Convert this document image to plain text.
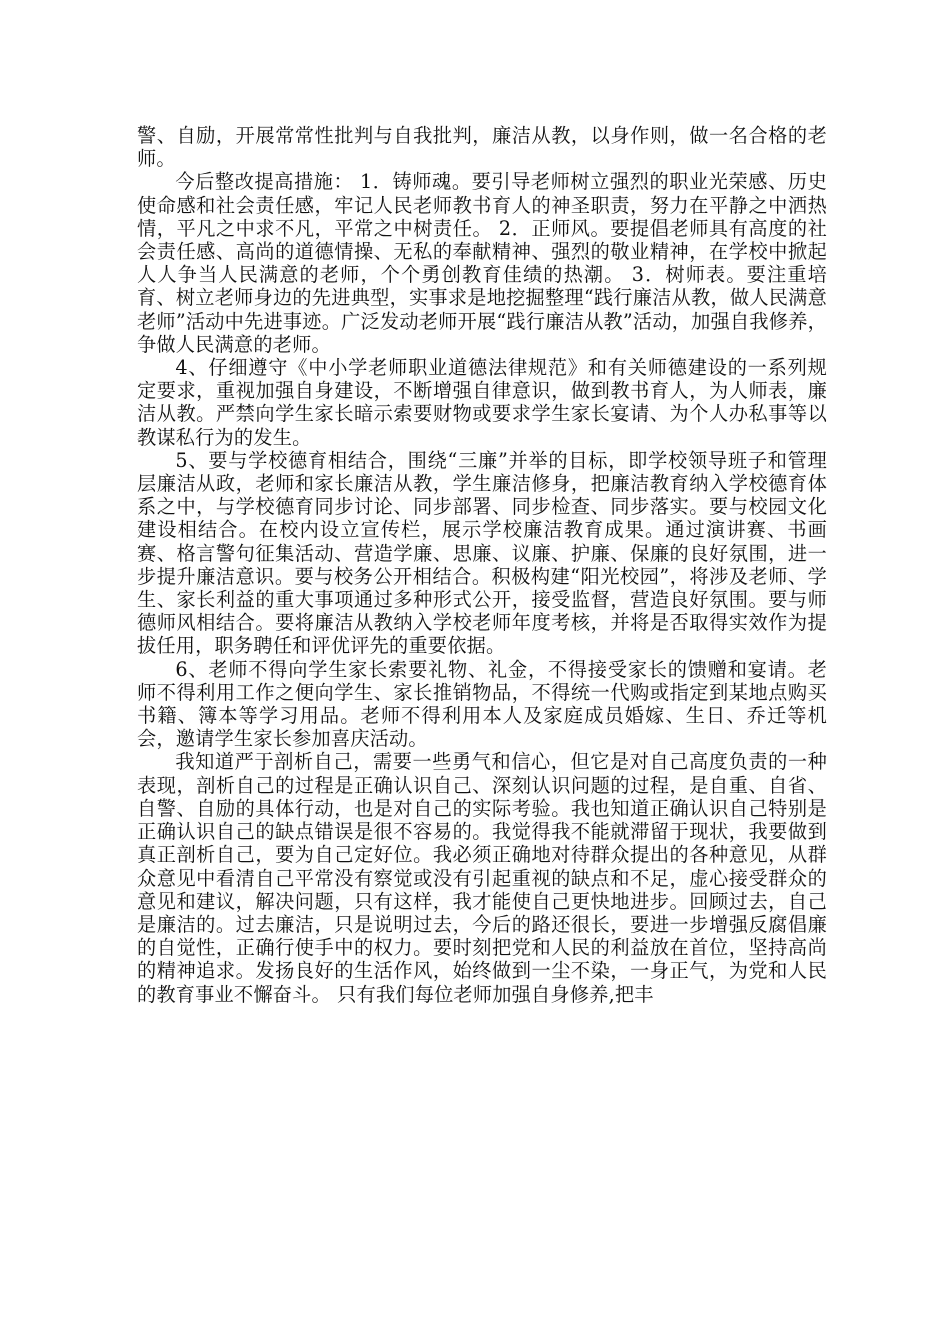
警、自励，开展常常性批判与自我批判，廉洁从教，以身作则，做一名合格的老师。

今后整改提高措施： 1．铸师魂。要引导老师树立强烈的职业光荣感、历史使命感和社会责任感，牢记人民老师教书育人的神圣职责，努力在平静之中洒热情，平凡之中求不凡，平常之中树责任。 2．正师风。要提倡老师具有高度的社会责任感、高尚的道德情操、无私的奉献精神、强烈的敬业精神，在学校中掀起人人争当人民满意的老师，个个勇创教育佳绩的热潮。 3．树师表。要注重培育、树立老师身边的先进典型，实事求是地挖掘整理“践行廉洁从教，做人民满意老师”活动中先进事迹。广泛发动老师开展“践行廉洁从教”活动，加强自我修养，争做人民满意的老师。

4、仔细遵守《中小学老师职业道德法律规范》和有关师德建设的一系列规定要求，重视加强自身建设，不断增强自律意识，做到教书育人，为人师表，廉洁从教。严禁向学生家长暗示索要财物或要求学生家长宴请、为个人办私事等以教谋私行为的发生。

5、要与学校德育相结合，围绕“三廉”并举的目标，即学校领导班子和管理层廉洁从政，老师和家长廉洁从教，学生廉洁修身，把廉洁教育纳入学校德育体系之中，与学校德育同步讨论、同步部署、同步检查、同步落实。要与校园文化建设相结合。在校内设立宣传栏，展示学校廉洁教育成果。通过演讲赛、书画赛、格言警句征集活动、营造学廉、思廉、议廉、护廉、保廉的良好氛围，进一步提升廉洁意识。要与校务公开相结合。积极构建“阳光校园”，将涉及老师、学生、家长利益的重大事项通过多种形式公开，接受监督，营造良好氛围。要与师德师风相结合。要将廉洁从教纳入学校老师年度考核，并将是否取得实效作为提拔任用，职务聘任和评优评先的重要依据。

6、老师不得向学生家长索要礼物、礼金，不得接受家长的馈赠和宴请。老师不得利用工作之便向学生、家长推销物品，不得统一代购或指定到某地点购买书籍、簿本等学习用品。老师不得利用本人及家庭成员婚嫁、生日、乔迁等机会，邀请学生家长参加喜庆活动。

我知道严于剖析自己，需要一些勇气和信心，但它是对自己高度负责的一种表现，剖析自己的过程是正确认识自己、深刻认识问题的过程，是自重、自省、自警、自励的具体行动，也是对自己的实际考验。我也知道正确认识自己特别是正确认识自己的缺点错误是很不容易的。我觉得我不能就滞留于现状，我要做到真正剖析自己，要为自己定好位。我必须正确地对待群众提出的各种意见，从群众意见中看清自己平常没有察觉或没有引起重视的缺点和不足，虚心接受群众的意见和建议，解决问题，只有这样，我才能使自己更快地进步。回顾过去，自己是廉洁的。过去廉洁，只是说明过去，今后的路还很长，要进一步增强反腐倡廉的自觉性，正确行使手中的权力。要时刻把党和人民的利益放在首位，坚持高尚 的精神追求。发扬良好的生活作风，始终做到一尘不染，一身正气，为党和人民的教育事业不懈奋斗。 只有我们每位老师加强自身修养,把丰
